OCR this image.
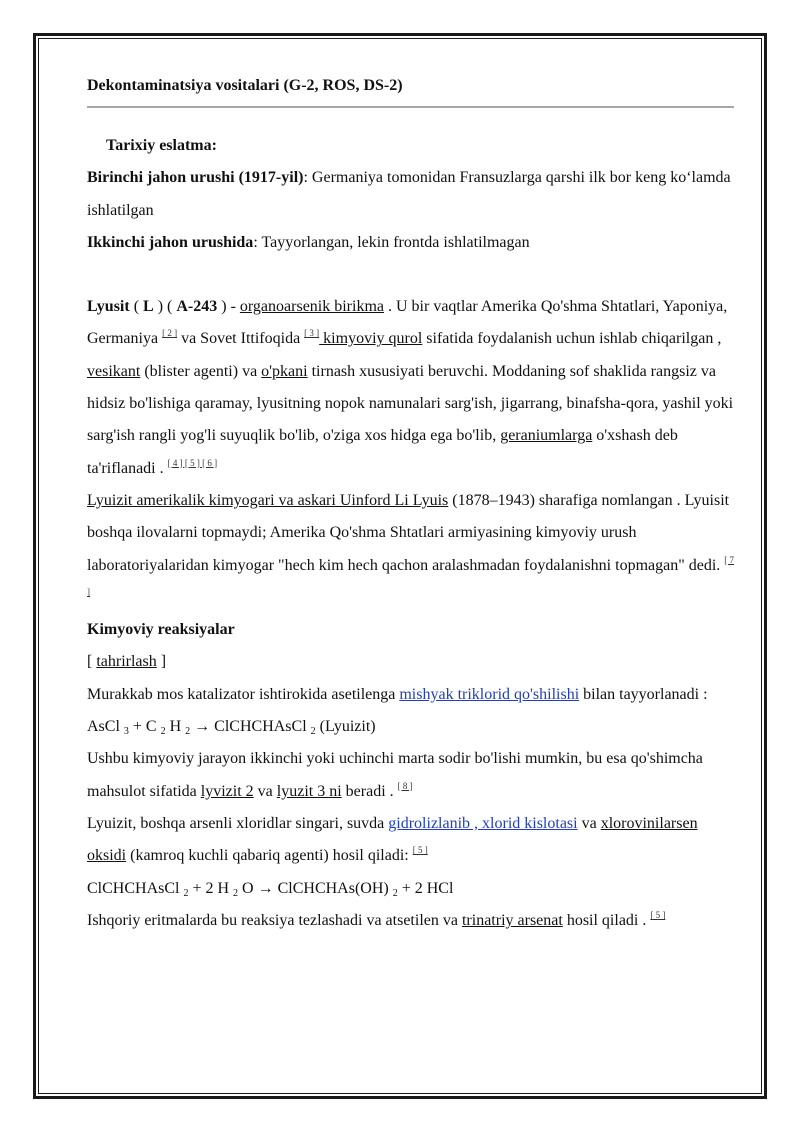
Dekontaminatsiya vositalari (G-2, ROS, DS-2)

Tarixiy eslatma:

Birinchi jahon urushi (1917-yil): Germaniya tomonidan Fransuzlarga qarshi ilk bor keng ko‘lamda ishlatilgan

Ikkinchi jahon urushida: Tayyorlangan, lekin frontda ishlatilmagan

Lyusit ( L ) ( A-243 ) - organoarsenik birikma . U bir vaqtlar Amerika Qo'shma Shtatlari, Yaponiya, Germaniya [ 2 ] va Sovet Ittifoqida [ 3 ] kimyoviy qurol sifatida foydalanish uchun ishlab chiqarilgan , vesikant (blister agenti) va o'pkani tirnash xususiyati beruvchi. Moddaning sof shaklida rangsiz va hidsiz bo'lishiga qaramay, lyusitning nopok namunalari sarg'ish, jigarrang, binafsha-qora, yashil yoki sarg'ish rangli yog'li suyuqlik bo'lib, o'ziga xos hidga ega bo'lib, geraniumlarga o'xshash deb ta'riflanadi . [ 4 ] [ 5 ] [ 6 ]

Lyuizit amerikalik kimyogari va askari Uinford Li Lyuis (1878–1943) sharafiga nomlangan . Lyuisit boshqa ilovalarni topmaydi; Amerika Qo'shma Shtatlari armiyasining kimyoviy urush laboratoriyalaridan kimyogar "hech kim hech qachon aralashmadan foydalanishni topmagan" dedi. [ 7 ]

Kimyoviy reaksiyalar

[ tahrirlash ]

Murakkab mos katalizator ishtirokida asetilenga mishyak triklorid qo'shilishi bilan tayyorlanadi :

AsCl $_3$ + C $_2$ H $_2$ → ClCHCHAsCl $_2$ (Lyuizit)

Ushbu kimyoviy jarayon ikkinchi yoki uchinchi marta sodir bo'lishi mumkin, bu esa qo'shimcha mahsulot sifatida lyvizit 2 va lyuzit 3 ni beradi . [ 8 ]

Lyuizit, boshqa arsenli xloridlar singari, suvda gidrolizlanib , xlorid kislotasi va xlorovinilarsen oksidi (kamroq kuchli qabariq agenti) hosil qiladi: [ 5 ]

ClCHCHAsCl $_2$ + 2 H $_2$ O → ClCHCHAs(OH) $_2$ + 2 HCl

Ishqoriy eritmalarda bu reaksiya tezlashadi va atsetilen va trinatriy arsenat hosil qiladi . [ 5 ]
